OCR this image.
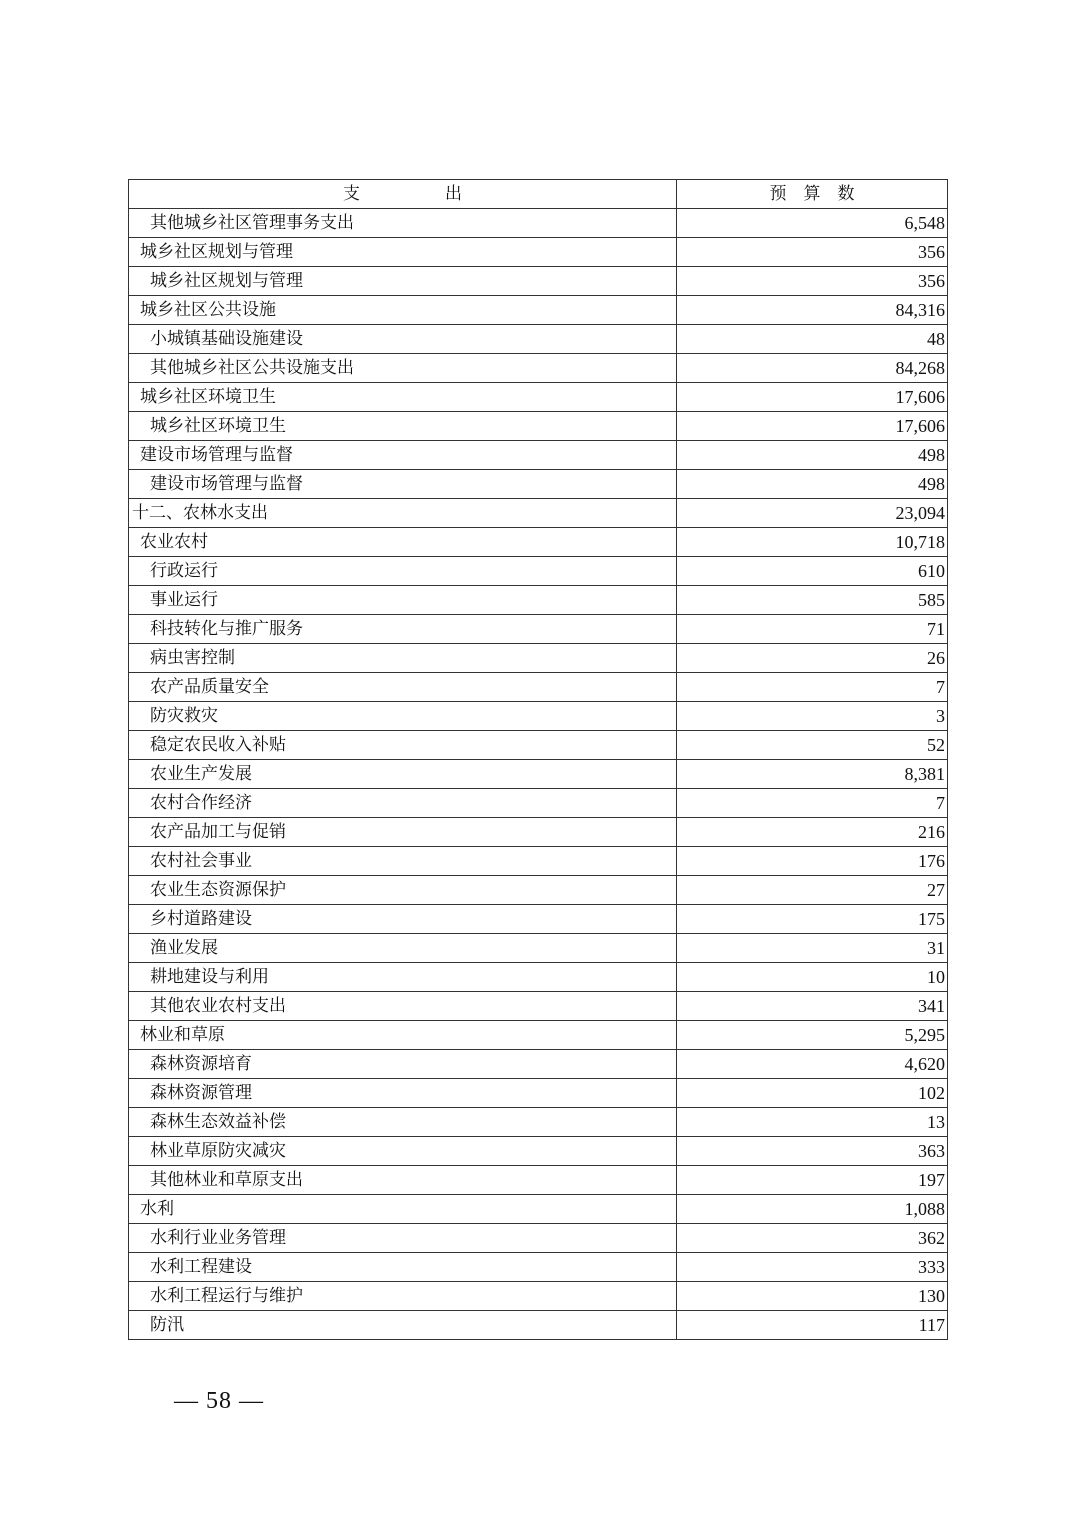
支　　　　　出	预　算　数
其他城乡社区管理事务支出	6,548
城乡社区规划与管理	356
城乡社区规划与管理	356
城乡社区公共设施	84,316
小城镇基础设施建设	48
其他城乡社区公共设施支出	84,268
城乡社区环境卫生	17,606
城乡社区环境卫生	17,606
建设市场管理与监督	498
建设市场管理与监督	498
十二、农林水支出	23,094
农业农村	10,718
行政运行	610
事业运行	585
科技转化与推广服务	71
病虫害控制	26
农产品质量安全	7
防灾救灾	3
稳定农民收入补贴	52
农业生产发展	8,381
农村合作经济	7
农产品加工与促销	216
农村社会事业	176
农业生态资源保护	27
乡村道路建设	175
渔业发展	31
耕地建设与利用	10
其他农业农村支出	341
林业和草原	5,295
森林资源培育	4,620
森林资源管理	102
森林生态效益补偿	13
林业草原防灾减灾	363
其他林业和草原支出	197
水利	1,088
水利行业业务管理	362
水利工程建设	333
水利工程运行与维护	130
防汛	117
— 58 —
